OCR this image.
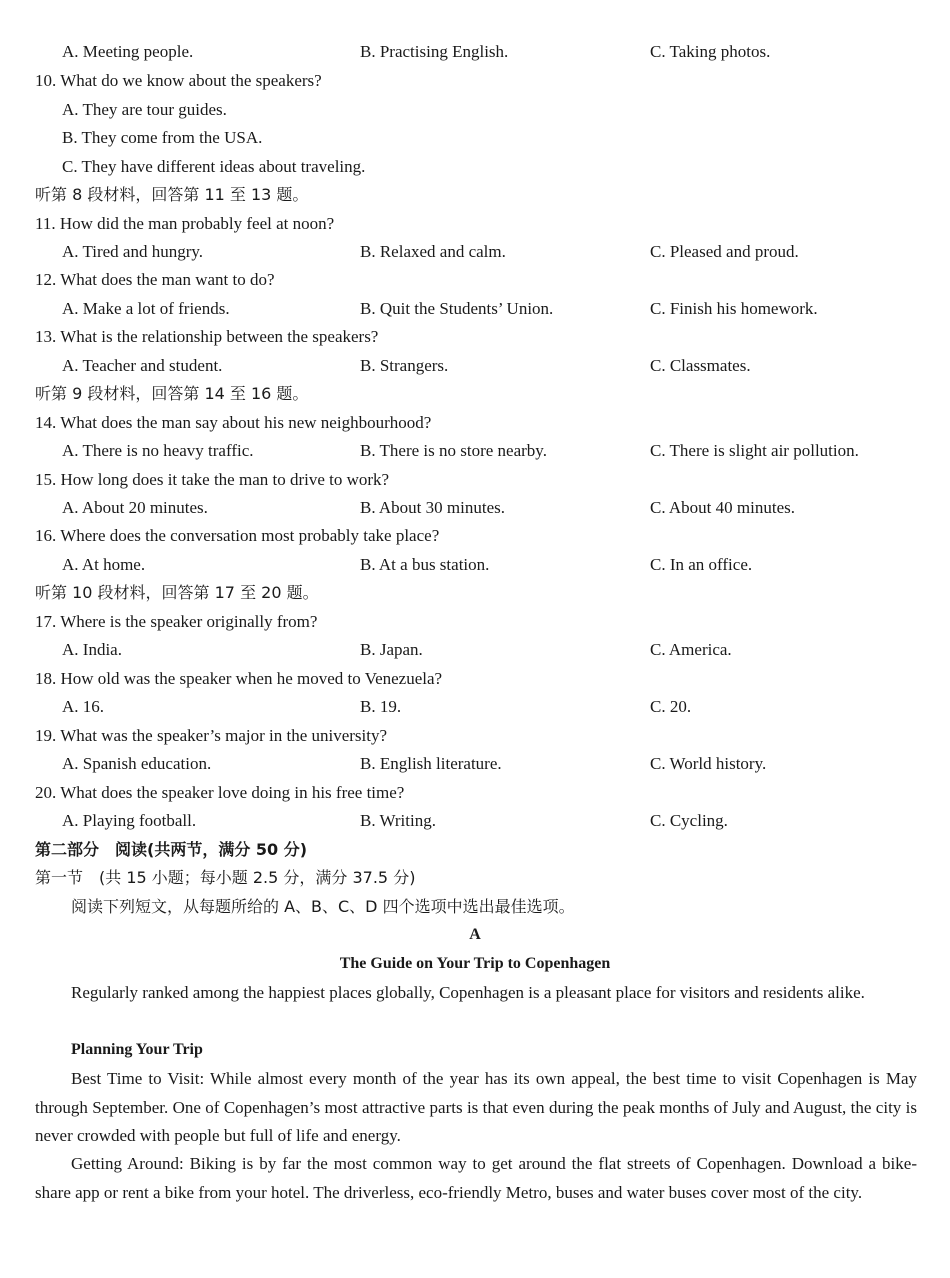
A. Meeting people.	B. Practising English.	C. Taking photos.
10. What do we know about the speakers?
A. They are tour guides.
B. They come from the USA.
C. They have different ideas about traveling.
听第 8 段材料，回答第 11 至 13 题。
11. How did the man probably feel at noon?
A. Tired and hungry.	B. Relaxed and calm.	C. Pleased and proud.
12. What does the man want to do?
A. Make a lot of friends.	B. Quit the Students’ Union.	C. Finish his homework.
13. What is the relationship between the speakers?
A. Teacher and student.	B. Strangers.	C. Classmates.
听第 9 段材料，回答第 14 至 16 题。
14. What does the man say about his new neighbourhood?
A. There is no heavy traffic.	B. There is no store nearby.	C. There is slight air pollution.
15. How long does it take the man to drive to work?
A. About 20 minutes.	B. About 30 minutes.	C. About 40 minutes.
16. Where does the conversation most probably take place?
A. At home.	B. At a bus station.	C. In an office.
听第 10 段材料，回答第 17 至 20 题。
17. Where is the speaker originally from?
A. India.	B. Japan.	C. America.
18. How old was the speaker when he moved to Venezuela?
A. 16.	B. 19.	C. 20.
19. What was the speaker’s major in the university?
A. Spanish education.	B. English literature.	C. World history.
20. What does the speaker love doing in his free time?
A. Playing football.	B. Writing.	C. Cycling.
第二部分　阅读(共两节，满分 50 分)
第一节　(共 15 小题；每小题 2.5 分，满分 37.5 分)
阅读下列短文，从每题所给的 A、B、C、D 四个选项中选出最佳选项。
A
The Guide on Your Trip to Copenhagen
Regularly ranked among the happiest places globally, Copenhagen is a pleasant place for visitors and residents alike.
Planning Your Trip
Best Time to Visit: While almost every month of the year has its own appeal, the best time to visit Copenhagen is May through September. One of Copenhagen’s most attractive parts is that even during the peak months of July and August, the city is never crowded with people but full of life and energy.
Getting Around: Biking is by far the most common way to get around the flat streets of Copenhagen. Download a bike-share app or rent a bike from your hotel. The driverless, eco-friendly Metro, buses and water buses cover most of the city.
